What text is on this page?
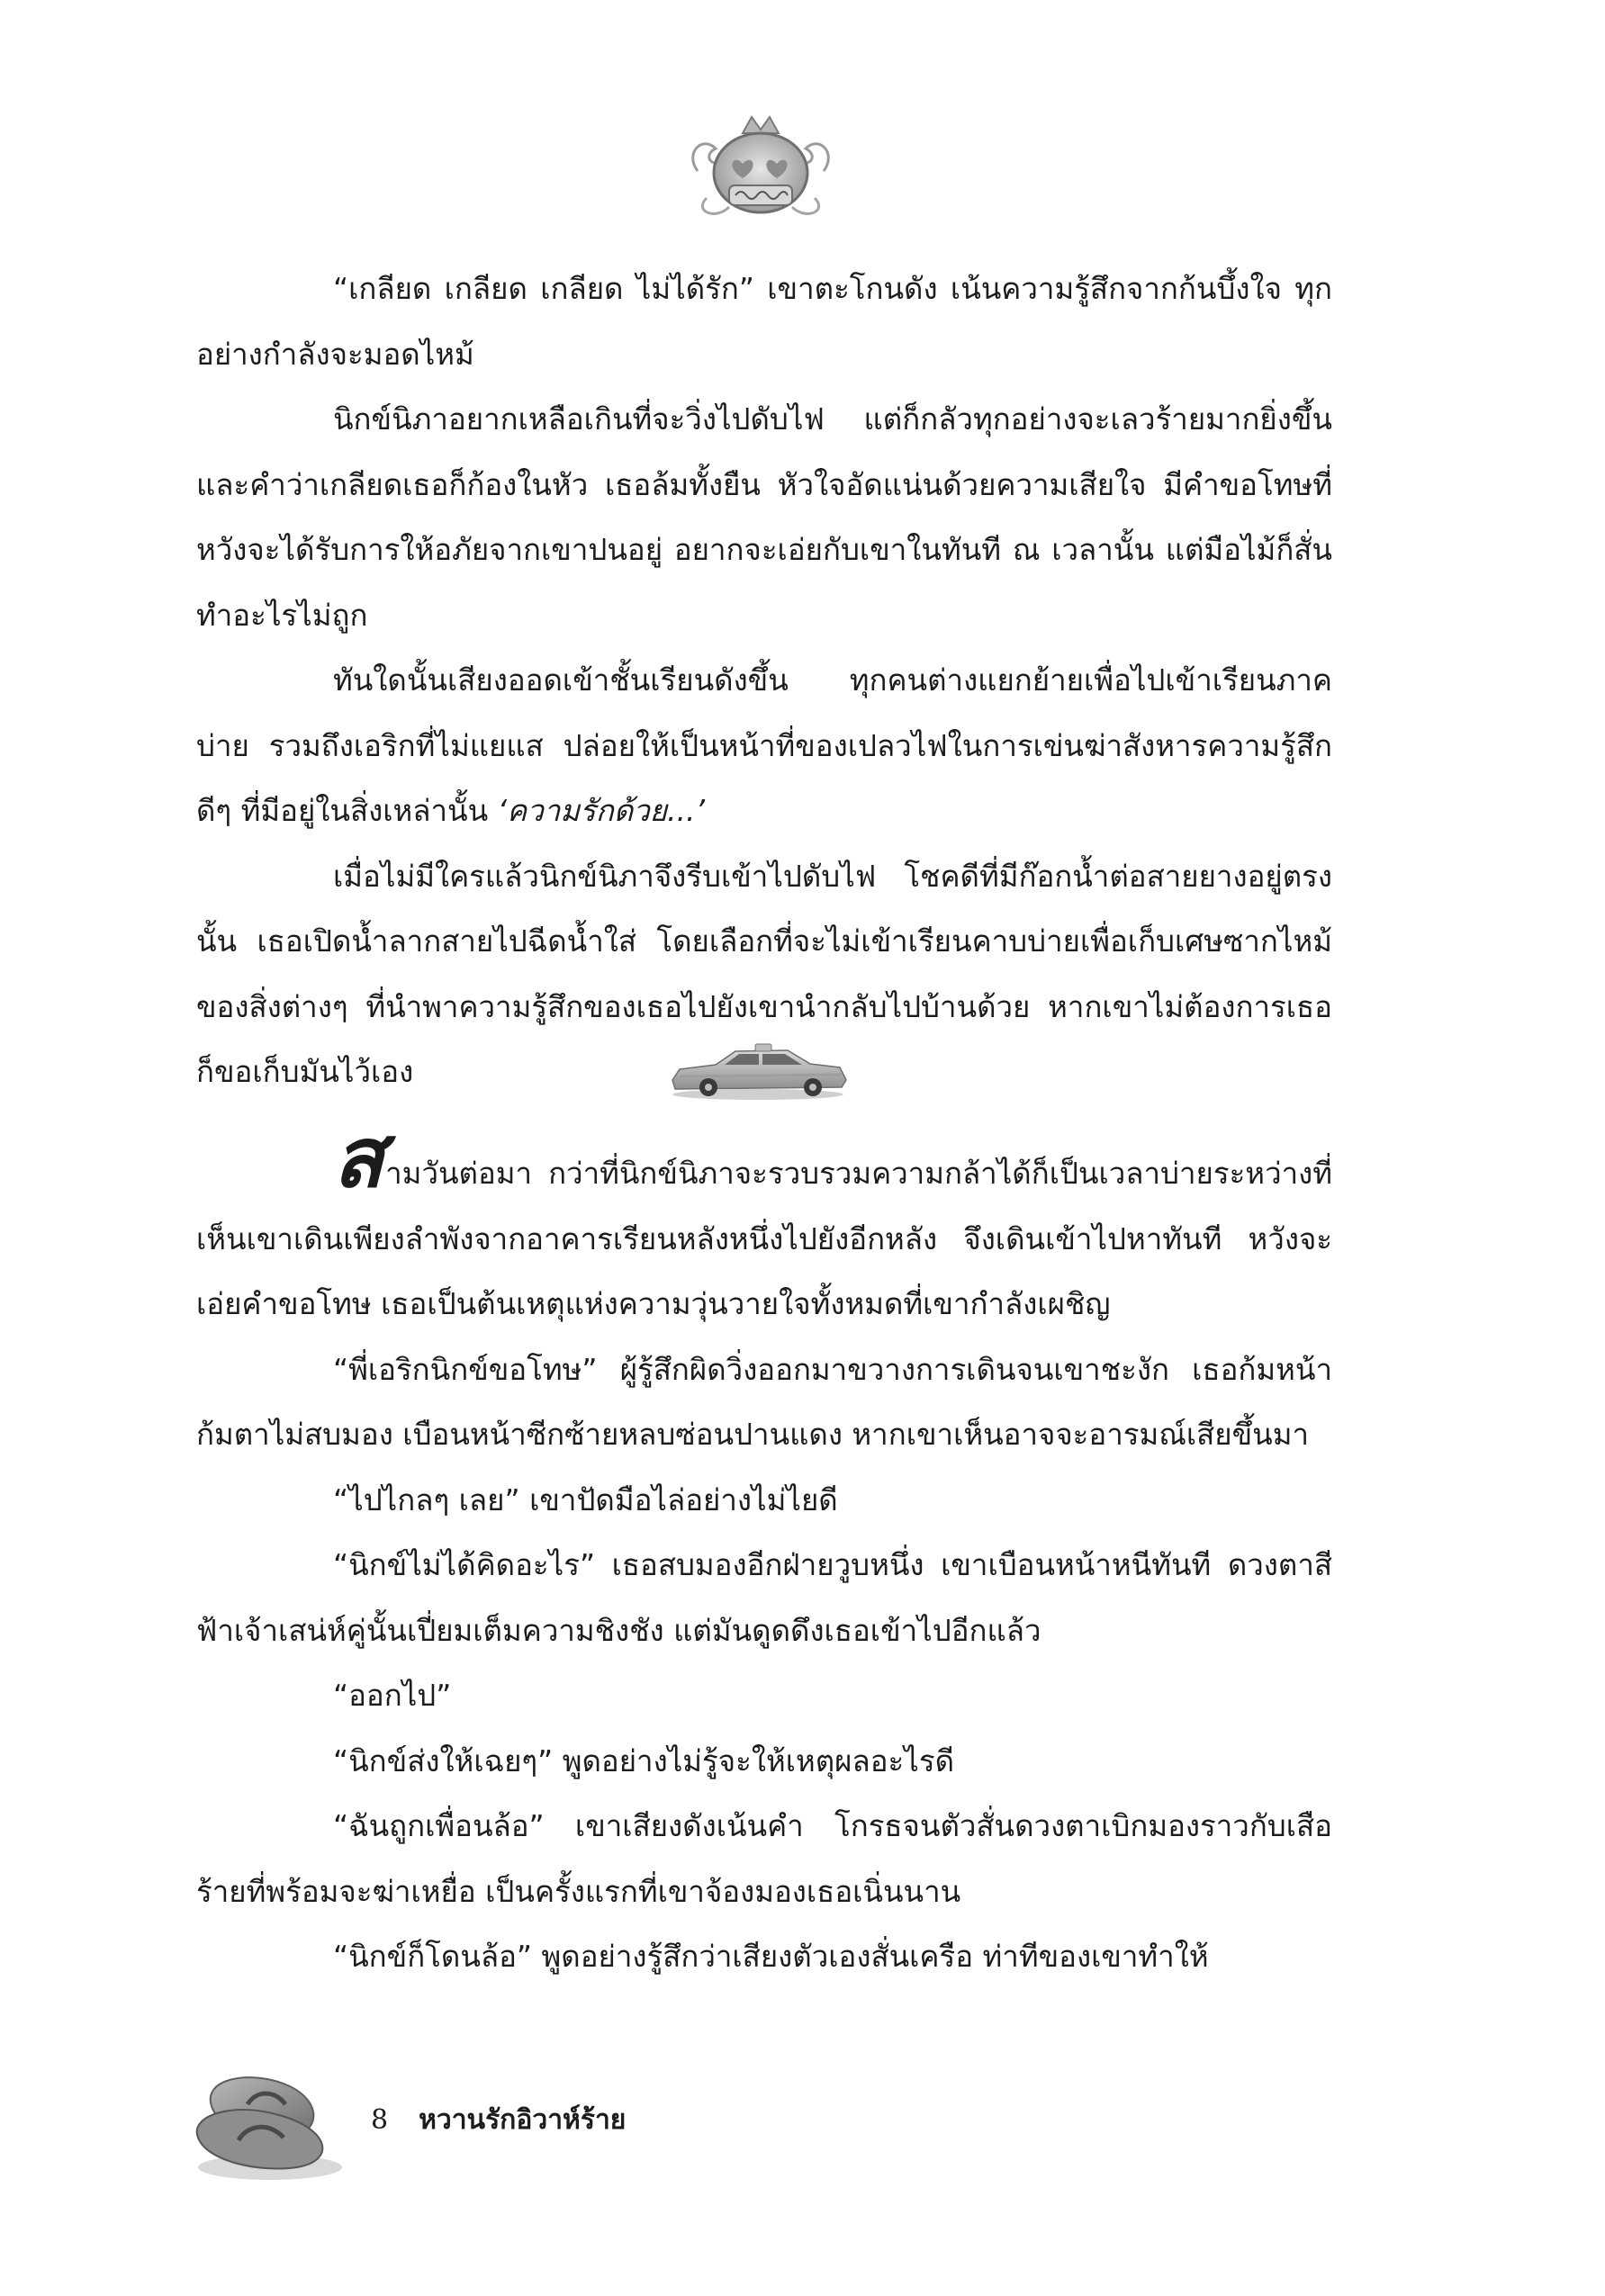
“เกลียด เกลียด เกลียด ไม่ได้รัก” เขาตะโกนดัง เน้นความรู้สึกจากก้นบึ้งใจ ทุกอย่างกำลังจะมอดไหม้

นิกข์นิภาอยากเหลือเกินที่จะวิ่งไปดับไฟ แต่ก็กลัวทุกอย่างจะเลวร้ายมากยิ่งขึ้น และคำว่าเกลียดเธอก็ก้องในหัว เธอล้มทั้งยืน หัวใจอัดแน่นด้วยความเสียใจ มีคำขอโทษที่หวังจะได้รับการให้อภัยจากเขาปนอยู่ อยากจะเอ่ยกับเขาในทันที ณ เวลานั้น แต่มือไม้ก็สั่นทำอะไรไม่ถูก

ทันใดนั้นเสียงออดเข้าชั้นเรียนดังขึ้น ทุกคนต่างแยกย้ายเพื่อไปเข้าเรียนภาคบ่าย รวมถึงเอริกที่ไม่แยแส ปล่อยให้เป็นหน้าที่ของเปลวไฟในการเข่นฆ่าสังหารความรู้สึกดีๆ ที่มีอยู่ในสิ่งเหล่านั้น ‘ความรักด้วย...’

เมื่อไม่มีใครแล้วนิกข์นิภาจึงรีบเข้าไปดับไฟ โชคดีที่มีก๊อกน้ำต่อสายยางอยู่ตรงนั้น เธอเปิดน้ำลากสายไปฉีดน้ำใส่ โดยเลือกที่จะไม่เข้าเรียนคาบบ่ายเพื่อเก็บเศษซากไหม้ของสิ่งต่างๆ ที่นำพาความรู้สึกของเธอไปยังเขานำกลับไปบ้านด้วย หากเขาไม่ต้องการเธอก็ขอเก็บมันไว้เอง

สามวันต่อมา กว่าที่นิกข์นิภาจะรวบรวมความกล้าได้ก็เป็นเวลาบ่ายระหว่างที่เห็นเขาเดินเพียงลำพังจากอาคารเรียนหลังหนึ่งไปยังอีกหลัง จึงเดินเข้าไปหาทันที หวังจะเอ่ยคำขอโทษ เธอเป็นต้นเหตุแห่งความวุ่นวายใจทั้งหมดที่เขากำลังเผชิญ

“พี่เอริกนิกข์ขอโทษ” ผู้รู้สึกผิดวิ่งออกมาขวางการเดินจนเขาชะงัก เธอก้มหน้าก้มตาไม่สบมอง เบือนหน้าซีกซ้ายหลบซ่อนปานแดง หากเขาเห็นอาจจะอารมณ์เสียขึ้นมา

“ไปไกลๆ เลย” เขาปัดมือไล่อย่างไม่ไยดี

“นิกข์ไม่ได้คิดอะไร” เธอสบมองอีกฝ่ายวูบหนึ่ง เขาเบือนหน้าหนีทันที ดวงตาสีฟ้าเจ้าเสน่ห์คู่นั้นเปี่ยมเต็มความชิงชัง แต่มันดูดดึงเธอเข้าไปอีกแล้ว

“ออกไป”

“นิกข์ส่งให้เฉยๆ” พูดอย่างไม่รู้จะให้เหตุผลอะไรดี

“ฉันถูกเพื่อนล้อ” เขาเสียงดังเน้นคำ โกรธจนตัวสั่นดวงตาเบิกมองราวกับเสือร้ายที่พร้อมจะฆ่าเหยื่อ เป็นครั้งแรกที่เขาจ้องมองเธอเนิ่นนาน

“นิกข์ก็โดนล้อ” พูดอย่างรู้สึกว่าเสียงตัวเองสั่นเครือ ท่าทีของเขาทำให้

8 หวานรักอิวาห์ร้าย
